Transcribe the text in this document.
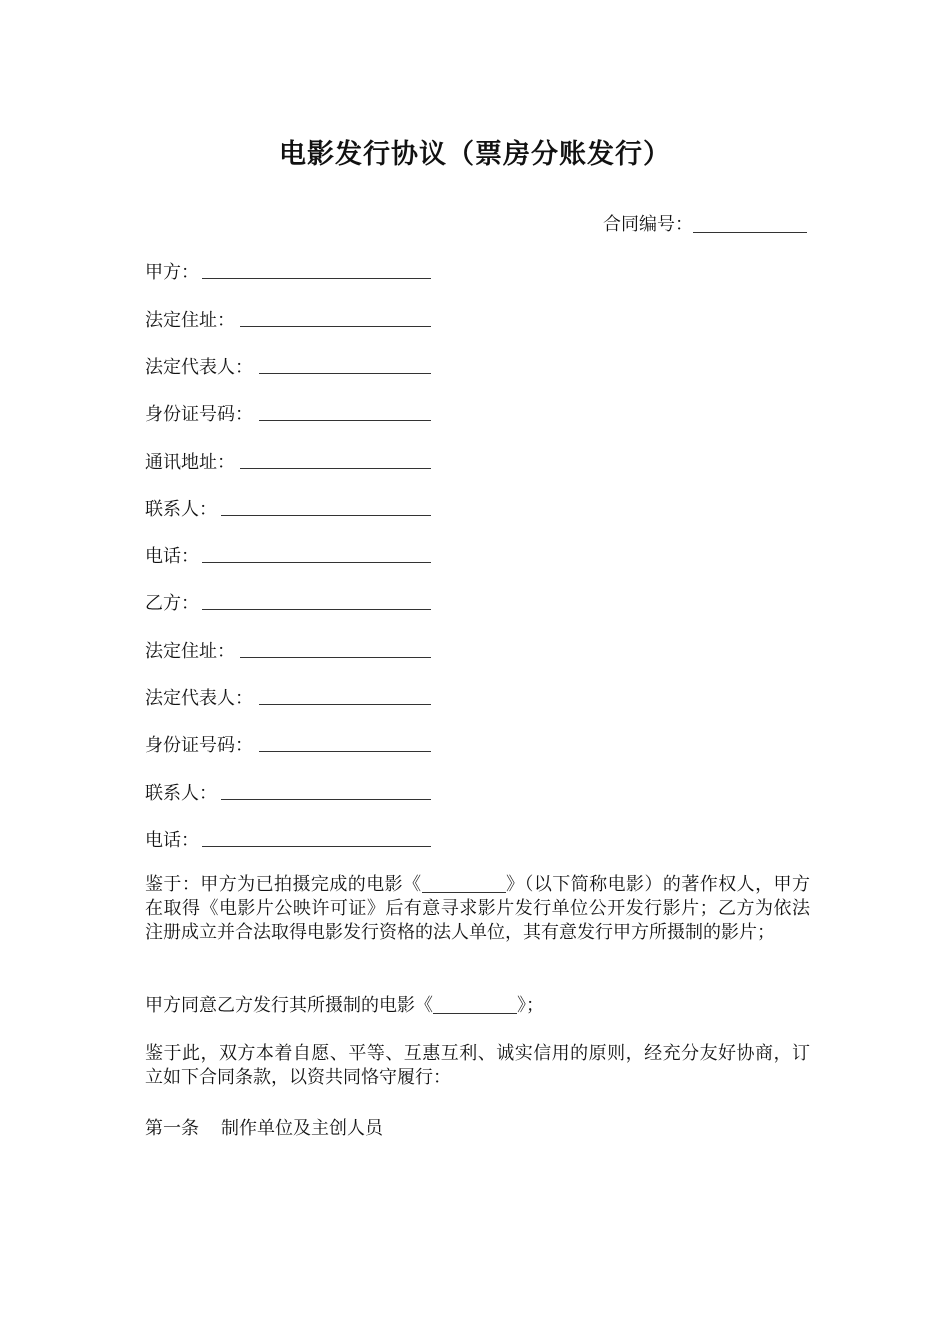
电影发行协议（票房分账发行）
合同编号：
甲方：
法定住址：
法定代表人：
身份证号码：
通讯地址：
联系人：
电话：
乙方：
法定住址：
法定代表人：
身份证号码：
联系人：
电话：
鉴于：甲方为已拍摄完成的电影《	》（以下简称电影）的著作权人，甲方在取得《电影片公映许可证》后有意寻求影片发行单位公开发行影片；乙方为依法注册成立并合法取得电影发行资格的法人单位，其有意发行甲方所摄制的影片；
甲方同意乙方发行其所摄制的电影《	》；
鉴于此，双方本着自愿、平等、互惠互利、诚实信用的原则，经充分友好协商，订立如下合同条款，以资共同恪守履行：
第一条 制作单位及主创人员
